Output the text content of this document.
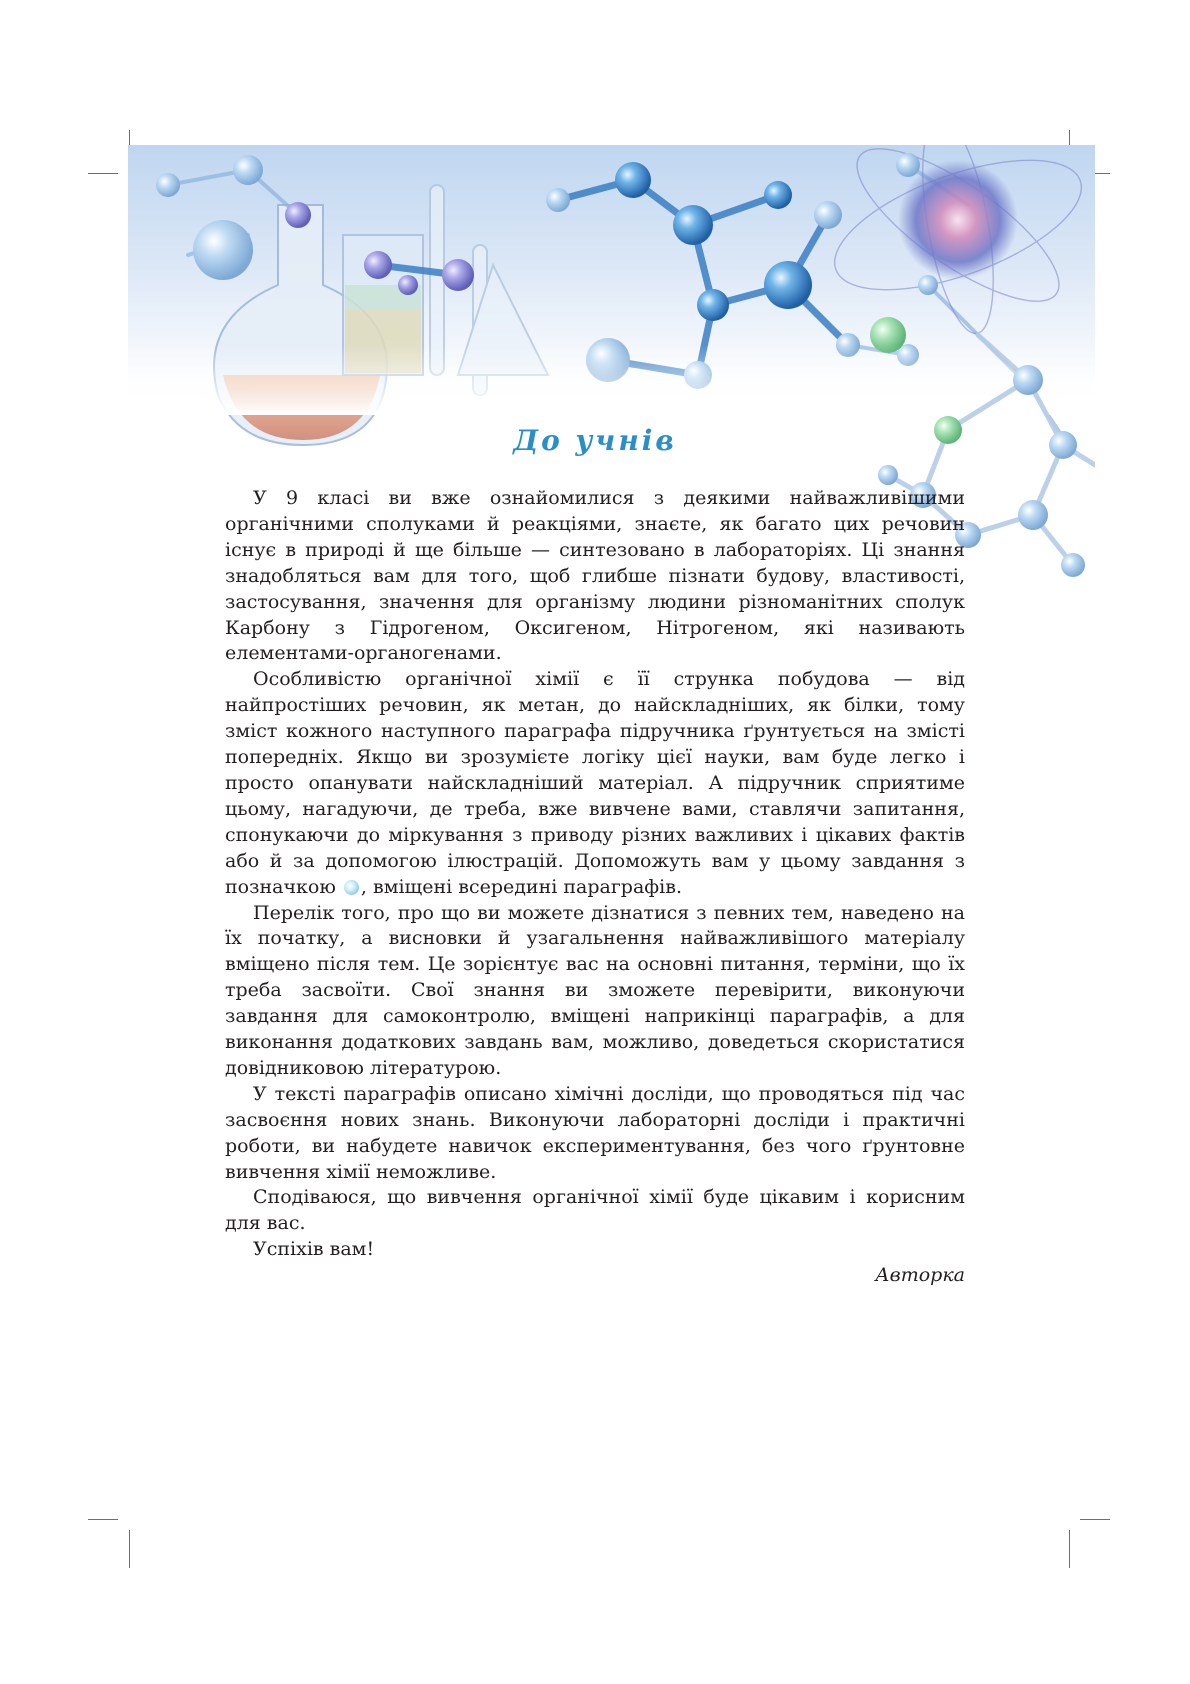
До учнів

У 9 класі ви вже ознайомилися з деякими найважливішими органічними сполуками й реакціями, знаєте, як багато цих речовин існує в природі й ще більше — синтезовано в лабораторіях. Ці знання знадобляться вам для того, щоб глибше пізнати будову, властивості, застосування, значення для організму людини різноманітних сполук Карбону з Гідрогеном, Оксигеном, Нітрогеном, які називають елементами-органогенами.

Особливістю органічної хімії є її струнка побудова — від найпростіших речовин, як метан, до найскладніших, як білки, тому зміст кожного наступного параграфа підручника ґрунтується на змісті попередніх. Якщо ви зрозумієте логіку цієї науки, вам буде легко і просто опанувати найскладніший матеріал. А підручник сприятиме цьому, нагадуючи, де треба, вже вивчене вами, ставлячи запитання, спонукаючи до міркування з приводу різних важливих і цікавих фактів або й за допомогою ілюстрацій. Допоможуть вам у цьому завдання з позначкою , вміщені всередині параграфів.

Перелік того, про що ви можете дізнатися з певних тем, наведено на їх початку, а висновки й узагальнення найважливішого матеріалу вміщено після тем. Це зорієнтує вас на основні питання, терміни, що їх треба засвоїти. Свої знання ви зможете перевірити, виконуючи завдання для самоконтролю, вміщені наприкінці параграфів, а для виконання додаткових завдань вам, можливо, доведеться скористатися довідниковою літературою.

У тексті параграфів описано хімічні досліди, що проводяться під час засвоєння нових знань. Виконуючи лабораторні досліди і практичні роботи, ви набудете навичок експериментування, без чого ґрунтовне вивчення хімії неможливе.

Сподіваюся, що вивчення органічної хімії буде цікавим і корисним для вас.

Успіхів вам!

Авторка
